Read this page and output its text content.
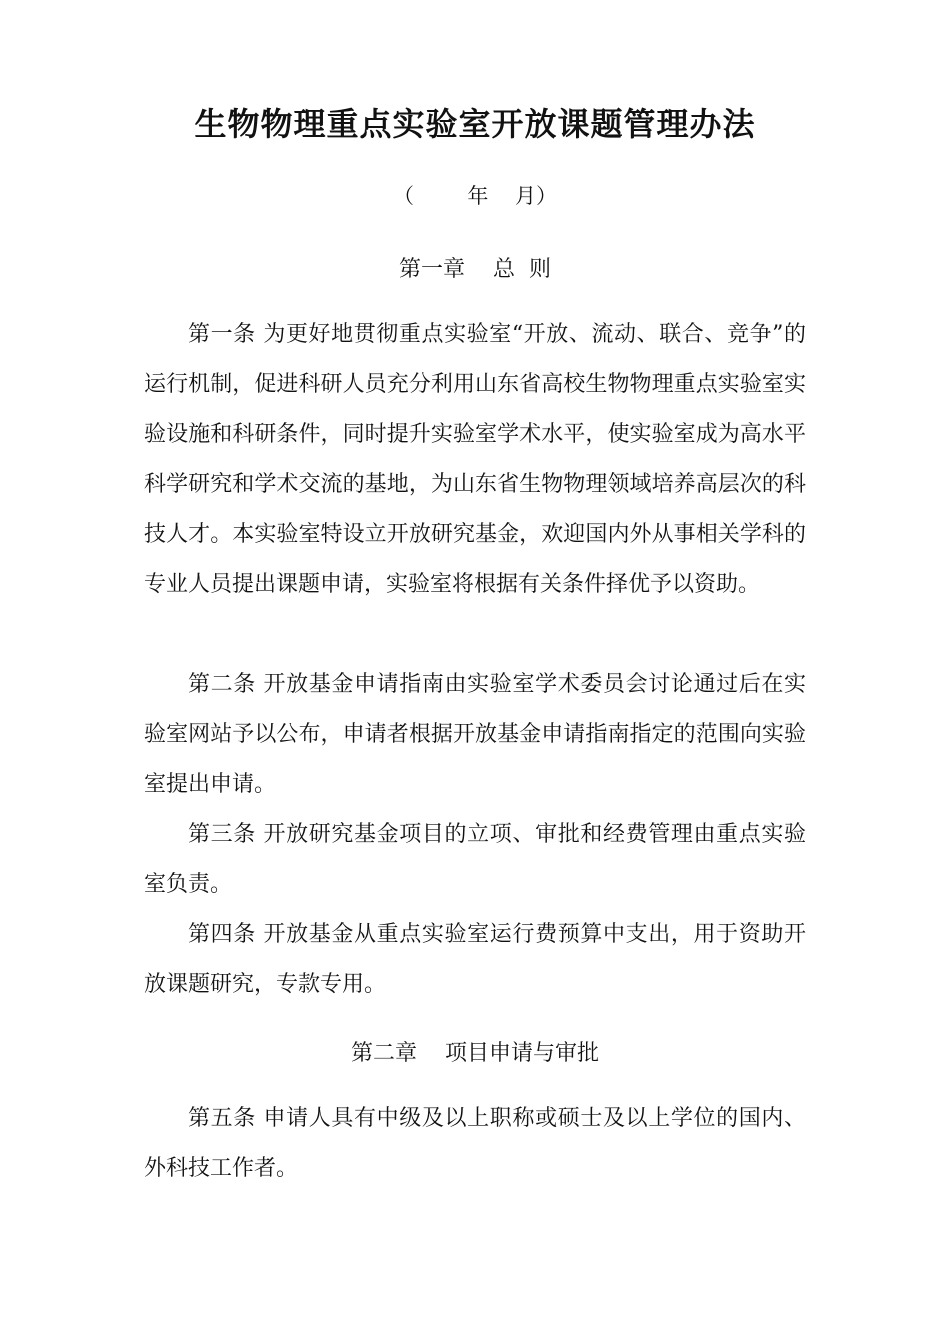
生物物理重点实验室开放课题管理办法

（        年    月）

第一章    总  则

第一条 为更好地贯彻重点实验室“开放、流动、联合、竞争”的运行机制，促进科研人员充分利用山东省高校生物物理重点实验室实验设施和科研条件，同时提升实验室学术水平，使实验室成为高水平科学研究和学术交流的基地，为山东省生物物理领域培养高层次的科技人才。本实验室特设立开放研究基金，欢迎国内外从事相关学科的专业人员提出课题申请，实验室将根据有关条件择优予以资助。

第二条 开放基金申请指南由实验室学术委员会讨论通过后在实验室网站予以公布，申请者根据开放基金申请指南指定的范围向实验室提出申请。

第三条 开放研究基金项目的立项、审批和经费管理由重点实验室负责。

第四条 开放基金从重点实验室运行费预算中支出，用于资助开放课题研究，专款专用。

第二章    项目申请与审批

第五条 申请人具有中级及以上职称或硕士及以上学位的国内、外科技工作者。
